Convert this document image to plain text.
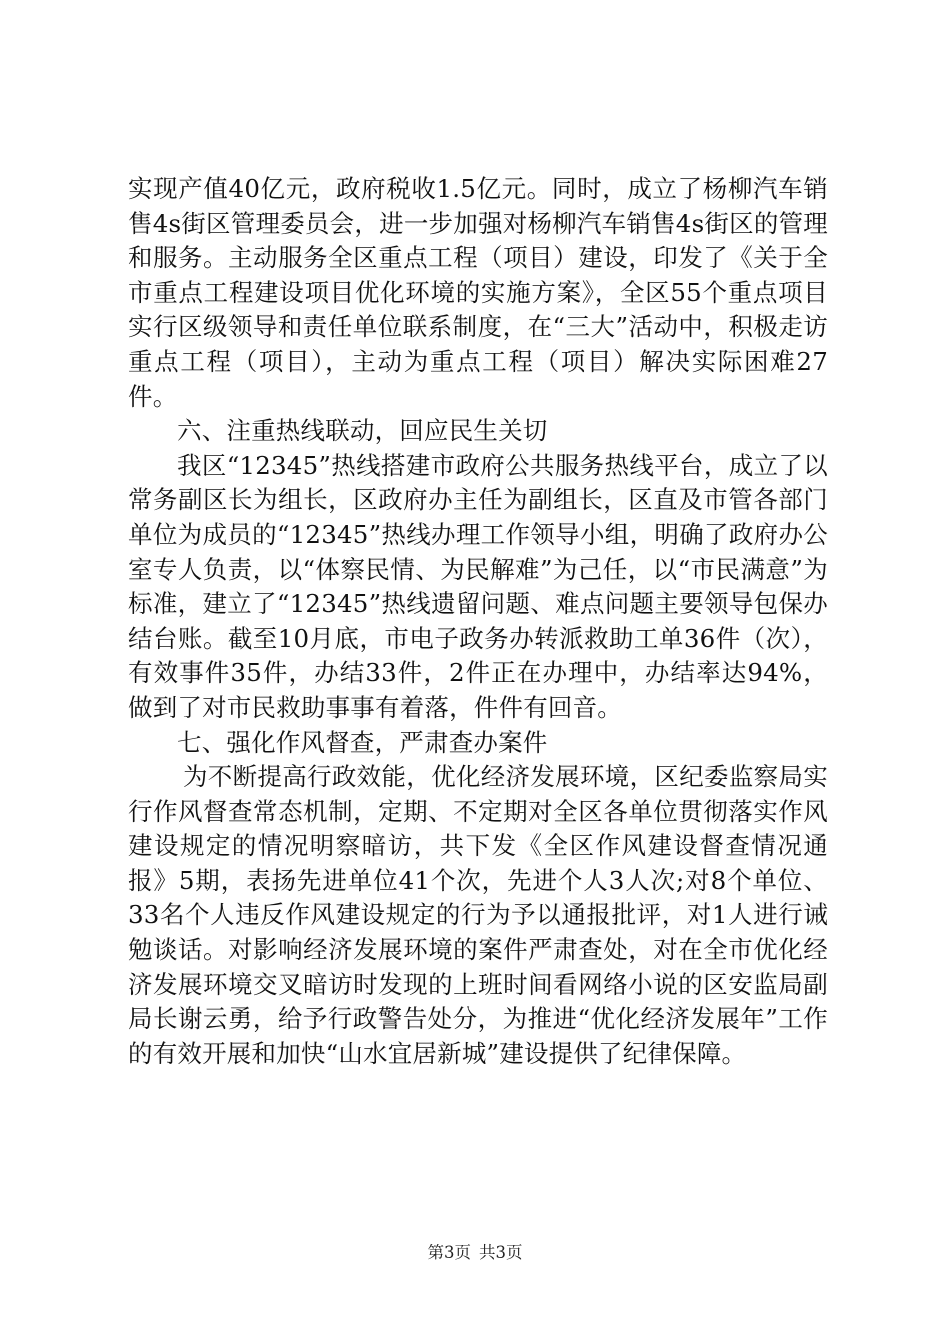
实现产值40亿元，政府税收1.5亿元。同时，成立了杨柳汽车销售4s街区管理委员会，进一步加强对杨柳汽车销售4s街区的管理和服务。主动服务全区重点工程（项目）建设，印发了《关于全市重点工程建设项目优化环境的实施方案》，全区55个重点项目实行区级领导和责任单位联系制度，在“三大”活动中，积极走访重点工程（项目），主动为重点工程（项目）解决实际困难27件。

六、注重热线联动，回应民生关切

我区“12345”热线搭建市政府公共服务热线平台，成立了以常务副区长为组长，区政府办主任为副组长，区直及市管各部门单位为成员的“12345”热线办理工作领导小组，明确了政府办公室专人负责，以“体察民情、为民解难”为己任，以“市民满意”为标准，建立了“12345”热线遗留问题、难点问题主要领导包保办结台账。截至10月底，市电子政务办转派救助工单36件（次），有效事件35件，办结33件，2件正在办理中，办结率达94%，做到了对市民救助事事有着落，件件有回音。

七、强化作风督查，严肃查办案件

为不断提高行政效能，优化经济发展环境，区纪委监察局实行作风督查常态机制，定期、不定期对全区各单位贯彻落实作风建设规定的情况明察暗访，共下发《全区作风建设督查情况通报》5期，表扬先进单位41个次，先进个人3人次;对8个单位、33名个人违反作风建设规定的行为予以通报批评，对1人进行诫勉谈话。对影响经济发展环境的案件严肃查处，对在全市优化经济发展环境交叉暗访时发现的上班时间看网络小说的区安监局副局长谢云勇，给予行政警告处分，为推进“优化经济发展年”工作的有效开展和加快“山水宜居新城”建设提供了纪律保障。

第3页 共3页
